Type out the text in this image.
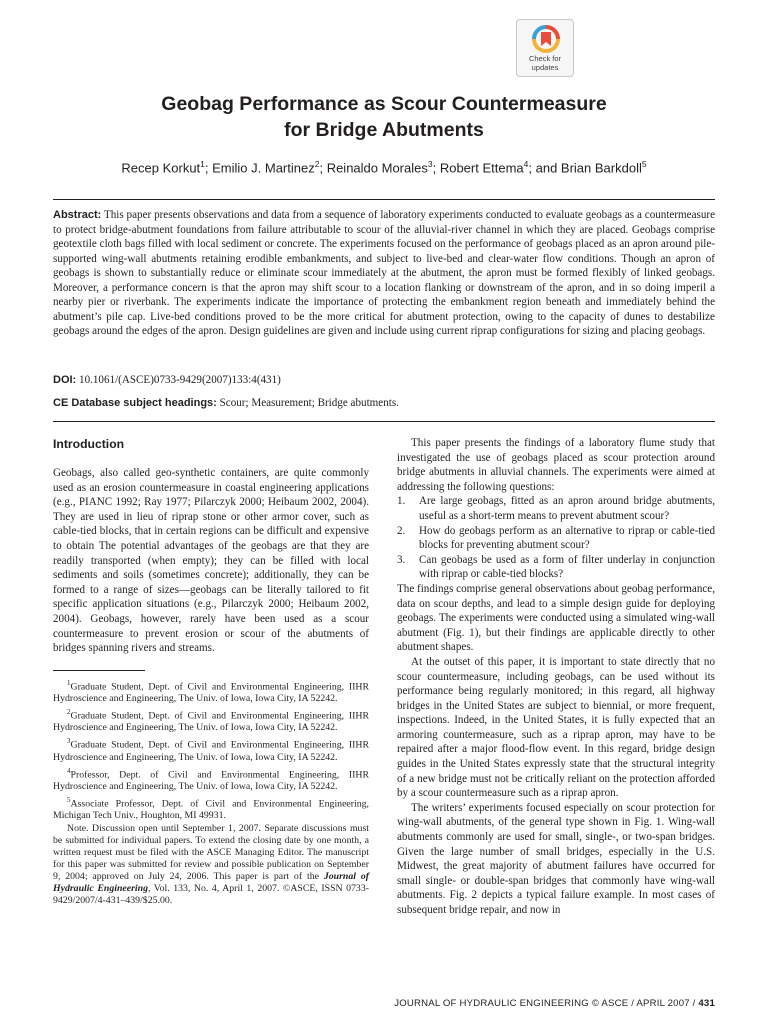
Check for
updates
Geobag Performance as Scour Countermeasure
for Bridge Abutments
Recep Korkut$^1$; Emilio J. Martinez$^2$; Reinaldo Morales$^3$; Robert Ettema$^4$; and Brian Barkdoll$^5$
Abstract: This paper presents observations and data from a sequence of laboratory experiments conducted to evaluate geobags as a countermeasure to protect bridge-abutment foundations from failure attributable to scour of the alluvial-river channel in which they are placed. Geobags comprise geotextile cloth bags filled with local sediment or concrete. The experiments focused on the performance of geobags placed as an apron around pile-supported wing-wall abutments retaining erodible embankments, and subject to live-bed and clear-water flow conditions. Though an apron of geobags is shown to substantially reduce or eliminate scour immediately at the abutment, the apron must be formed flexibly of linked geobags. Moreover, a performance concern is that the apron may shift scour to a location flanking or downstream of the apron, and in so doing imperil a nearby pier or riverbank. The experiments indicate the importance of protecting the embankment region beneath and immediately behind the abutment’s pile cap. Live-bed conditions proved to be the more critical for abutment protection, owing to the capacity of dunes to destabilize geobags around the edges of the apron. Design guidelines are given and include using current riprap configurations for sizing and placing geobags.
DOI: 10.1061/(ASCE)0733-9429(2007)133:4(431)
CE Database subject headings: Scour; Measurement; Bridge abutments.
Introduction

Geobags, also called geo-synthetic containers, are quite commonly used as an erosion countermeasure in coastal engineering applications (e.g., PIANC 1992; Ray 1977; Pilarczyk 2000; Heibaum 2002, 2004). They are used in lieu of riprap stone or other armor cover, such as cable-tied blocks, that in certain regions can be difficult and expensive to obtain The potential advantages of the geobags are that they are readily transported (when empty); they can be filled with local sediments and soils (sometimes concrete); additionally, they can be formed to a range of sizes—geobags can be literally tailored to fit specific application situations (e.g., Pilarczyk 2000; Heibaum 2002, 2004). Geobags, however, rarely have been used as a scour countermeasure to prevent erosion or scour of the abutments of bridges spanning rivers and streams.

$^1$Graduate Student, Dept. of Civil and Environmental Engineering, IIHR Hydroscience and Engineering, The Univ. of Iowa, Iowa City, IA 52242.

$^2$Graduate Student, Dept. of Civil and Environmental Engineering, IIHR Hydroscience and Engineering, The Univ. of Iowa, Iowa City, IA 52242.

$^3$Graduate Student, Dept. of Civil and Environmental Engineering, IIHR Hydroscience and Engineering, The Univ. of Iowa, Iowa City, IA 52242.

$^4$Professor, Dept. of Civil and Environmental Engineering, IIHR Hydroscience and Engineering, The Univ. of Iowa, Iowa City, IA 52242.

$^5$Associate Professor, Dept. of Civil and Environmental Engineering, Michigan Tech Univ., Houghton, MI 49931.

Note. Discussion open until September 1, 2007. Separate discussions must be submitted for individual papers. To extend the closing date by one month, a written request must be filed with the ASCE Managing Editor. The manuscript for this paper was submitted for review and possible publication on September 9, 2004; approved on July 24, 2006. This paper is part of the Journal of Hydraulic Engineering, Vol. 133, No. 4, April 1, 2007. ©ASCE, ISSN 0733-9429/2007/4-431–439/$25.00.

This paper presents the findings of a laboratory flume study that investigated the use of geobags placed as scour protection around bridge abutments in alluvial channels. The experiments were aimed at addressing the following questions:

1. Are large geobags, fitted as an apron around bridge abutments, useful as a short-term means to prevent abutment scour?
2. How do geobags perform as an alternative to riprap or cable-tied blocks for preventing abutment scour?
3. Can geobags be used as a form of filter underlay in conjunction with riprap or cable-tied blocks?

The findings comprise general observations about geobag performance, data on scour depths, and lead to a simple design guide for deploying geobags. The experiments were conducted using a simulated wing-wall abutment (Fig. 1), but their findings are applicable directly to other abutment shapes.

At the outset of this paper, it is important to state directly that no scour countermeasure, including geobags, can be used without its performance being regularly monitored; in this regard, all highway bridges in the United States are subject to biennial, or more frequent, inspections. Indeed, in the United States, it is fully expected that an armoring countermeasure, such as a riprap apron, may have to be repaired after a major flood-flow event. In this regard, bridge design guides in the United States expressly state that the structural integrity of a new bridge must not be critically reliant on the protection afforded by a scour countermeasure such as a riprap apron.

The writers’ experiments focused especially on scour protection for wing-wall abutments, of the general type shown in Fig. 1. Wing-wall abutments commonly are used for small, single-, or two-span bridges. Given the large number of small bridges, especially in the U.S. Midwest, the great majority of abutment failures have occurred for small single- or double-span bridges that commonly have wing-wall abutments. Fig. 2 depicts a typical failure example. In most cases of subsequent bridge repair, and now in

JOURNAL OF HYDRAULIC ENGINEERING © ASCE / APRIL 2007 / 431
